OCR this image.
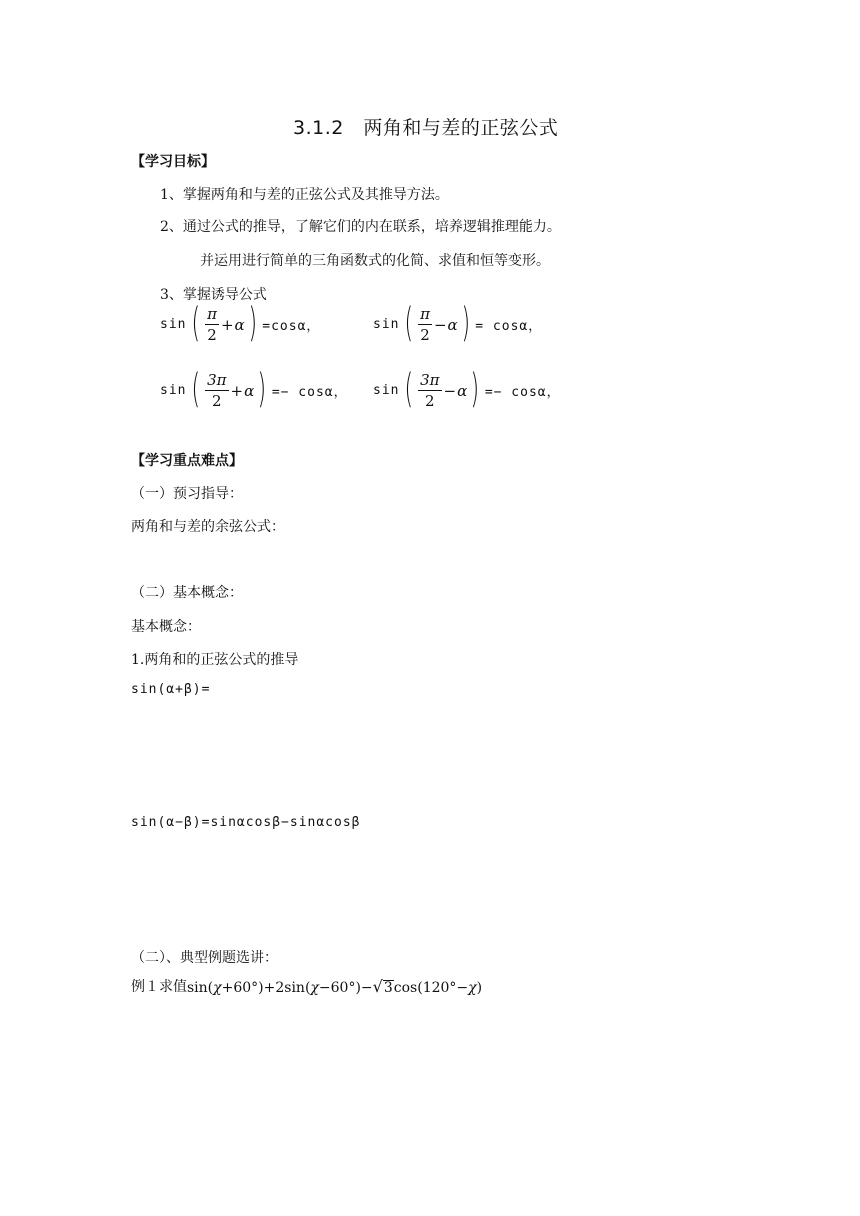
3.1.2　两角和与差的正弦公式
【学习目标】
1、掌握两角和与差的正弦公式及其推导方法。
2、通过公式的推导，了解它们的内在联系，培养逻辑推理能力。
并运用进行简单的三角函数式的化简、求值和恒等变形。
3、掌握诱导公式
sin ( $\frac{\pi}{2} + \alpha$ ) =cosα，	sin ( $\frac{\pi}{2} - \alpha$ ) = cosα，
sin ( $\frac{3\pi}{2} + \alpha$ ) =− cosα， sin ( $\frac{3\pi}{2} - \alpha$ ) =− cosα，
【学习重点难点】
（一）预习指导：
两角和与差的余弦公式：
（二）基本概念：
基本概念：
1.两角和的正弦公式的推导
sin(α+β)=
sin(α−β)=sinαcosβ−sinαcosβ
（二）、典型例题选讲：
例１求值 sin( χ +60°)+2sin( χ −60°)− √ 3 cos(120°− χ )
